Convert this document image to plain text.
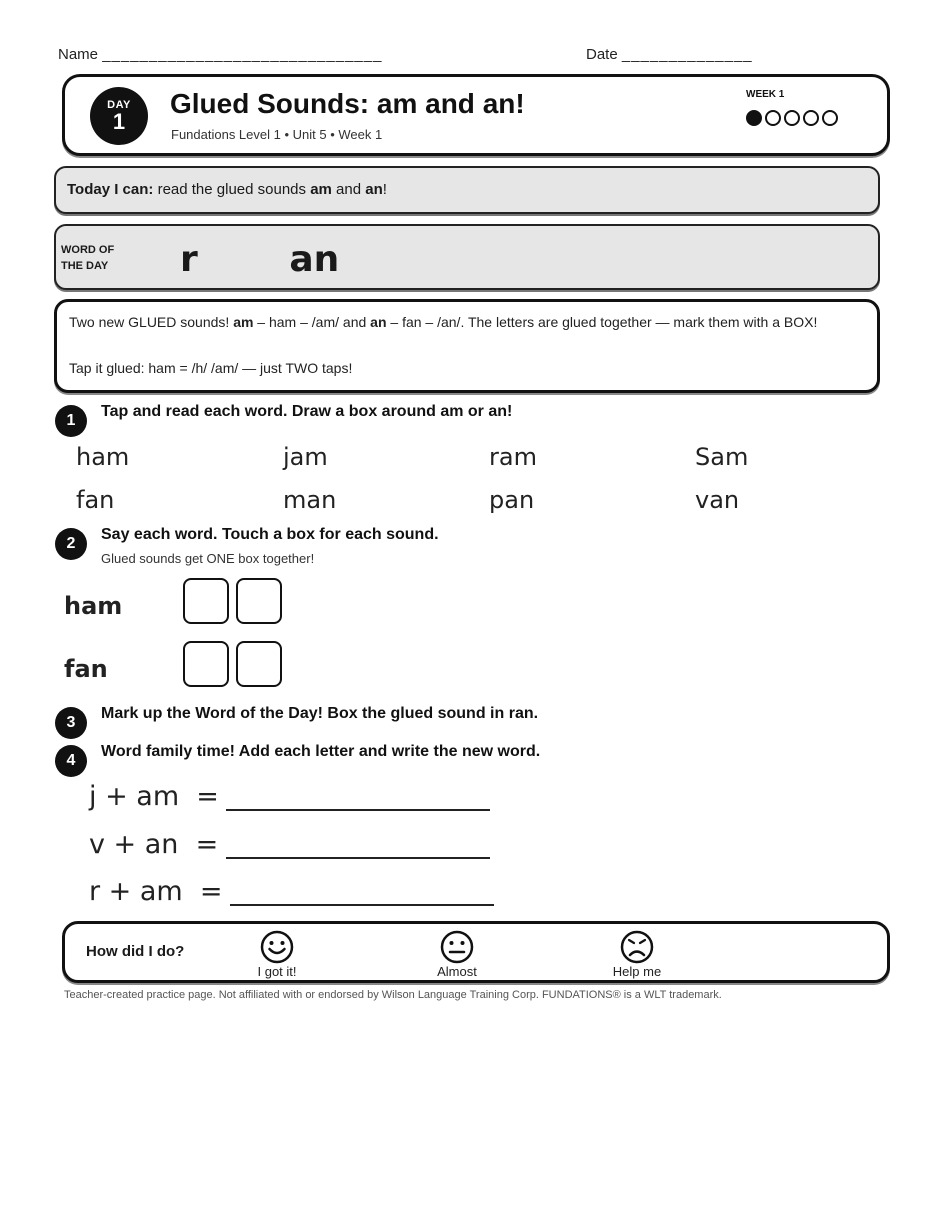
Name ______________________________	Date ______________
DAY
1
Glued Sounds: am and an!
Fundations Level 1 • Unit 5 • Week 1
WEEK 1
Today I can: read the glued sounds am and an!
WORD OF
THE DAY r   an
Two new GLUED sounds! am – ham – /am/ and an – fan – /an/. The letters are glued together — mark them with a BOX!
Tap it glued: ham = /h/ /am/ — just TWO taps!
1
Tap and read each word. Draw a box around am or an!
ham	jam	ram	Sam
fan	man	pan	van
2
Say each word. Touch a box for each sound.
Glued sounds get ONE box together!
ham
fan
3
Mark up the Word of the Day! Box the glued sound in ran.
4
Word family time! Add each letter and write the new word.
j + am  =
v + an  =
r + am  =
How did I do?
I got it!	Almost	Help me
Teacher-created practice page. Not affiliated with or endorsed by Wilson Language Training Corp. FUNDATIONS® is a WLT trademark.
